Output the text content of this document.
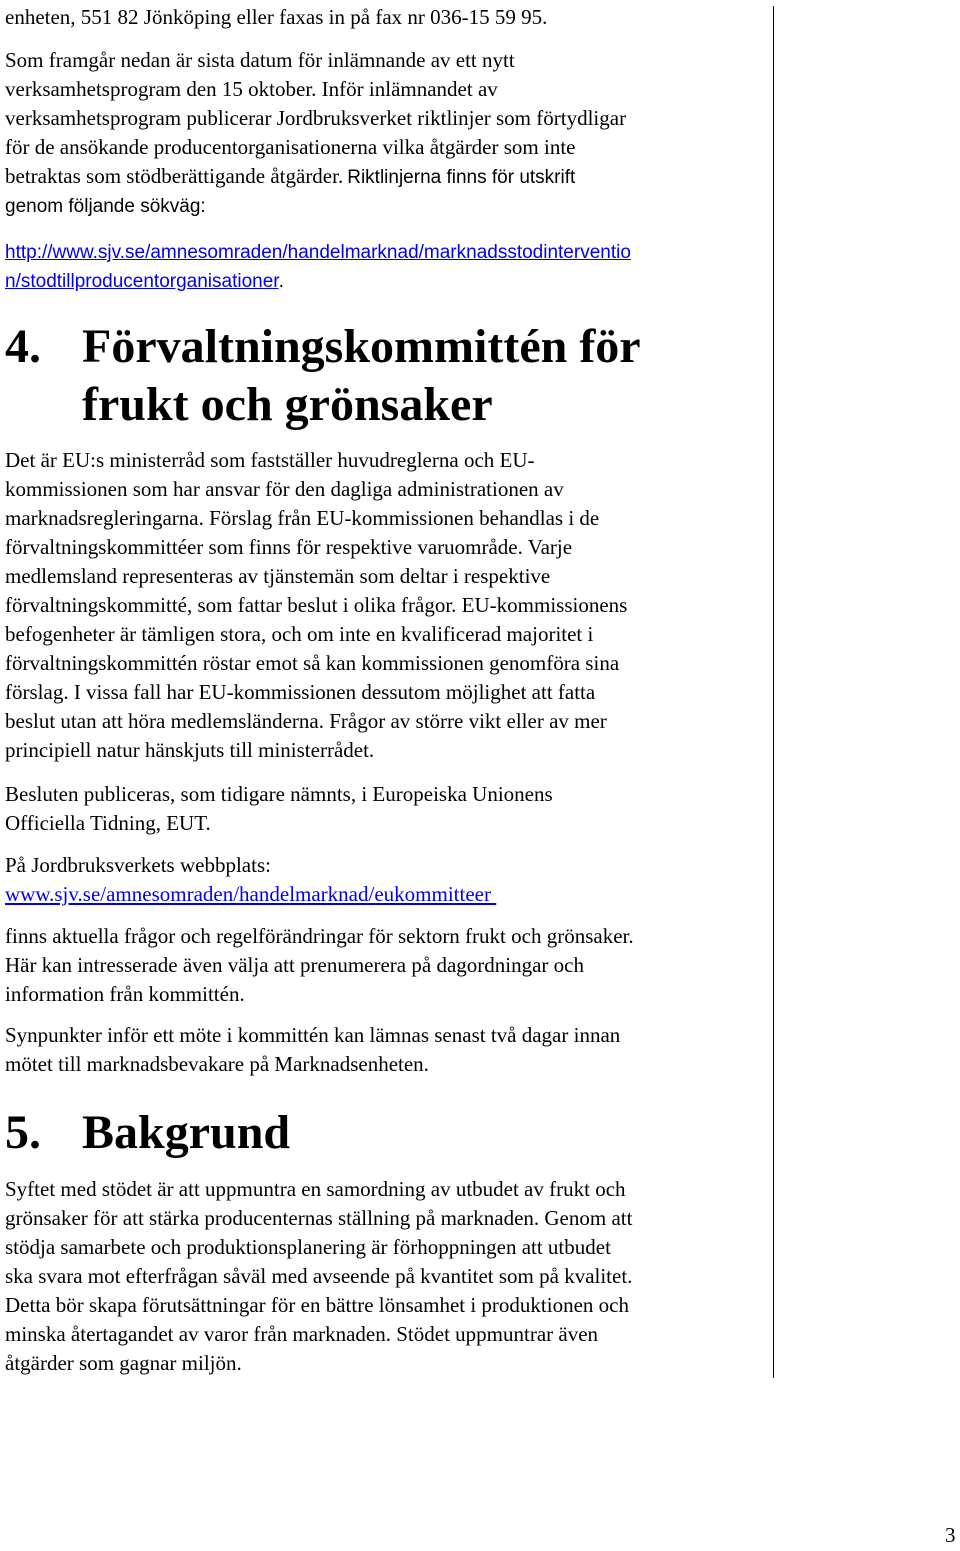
enheten, 551 82 Jönköping eller faxas in på fax nr 036-15 59 95.

Som framgår nedan är sista datum för inlämnande av ett nytt
verksamhetsprogram den 15 oktober. Inför inlämnandet av
verksamhetsprogram publicerar Jordbruksverket riktlinjer som förtydligar
för de ansökande producentorganisationerna vilka åtgärder som inte
betraktas som stödberättigande åtgärder. Riktlinjerna finns för utskrift
genom följande sökväg:
http://www.sjv.se/amnesomraden/handelmarknad/marknadsstodinterventio
n/stodtillproducentorganisationer.
4. Förvaltningskommittén för
frukt och grönsaker

Det är EU:s ministerråd som fastställer huvudreglerna och EU-
kommissionen som har ansvar för den dagliga administrationen av
marknadsregleringarna. Förslag från EU-kommissionen behandlas i de
förvaltningskommittéer som finns för respektive varuområde. Varje
medlemsland representeras av tjänstemän som deltar i respektive
förvaltningskommitté, som fattar beslut i olika frågor. EU-kommissionens
befogenheter är tämligen stora, och om inte en kvalificerad majoritet i
förvaltningskommittén röstar emot så kan kommissionen genomföra sina
förslag. I vissa fall har EU-kommissionen dessutom möjlighet att fatta
beslut utan att höra medlemsländerna. Frågor av större vikt eller av mer
principiell natur hänskjuts till ministerrådet.

Besluten publiceras, som tidigare nämnts, i Europeiska Unionens
Officiella Tidning, EUT.

På Jordbruksverkets webbplats:

www.sjv.se/amnesomraden/handelmarknad/eukommitteer

finns aktuella frågor och regelförändringar för sektorn frukt och grönsaker.
Här kan intresserade även välja att prenumerera på dagordningar och
information från kommittén.

Synpunkter inför ett möte i kommittén kan lämnas senast två dagar innan
mötet till marknadsbevakare på Marknadsenheten.

5. Bakgrund

Syftet med stödet är att uppmuntra en samordning av utbudet av frukt och
grönsaker för att stärka producenternas ställning på marknaden. Genom att
stödja samarbete och produktionsplanering är förhoppningen att utbudet
ska svara mot efterfrågan såväl med avseende på kvantitet som på kvalitet.
Detta bör skapa förutsättningar för en bättre lönsamhet i produktionen och
minska återtagandet av varor från marknaden. Stödet uppmuntrar även
åtgärder som gagnar miljön.

3
